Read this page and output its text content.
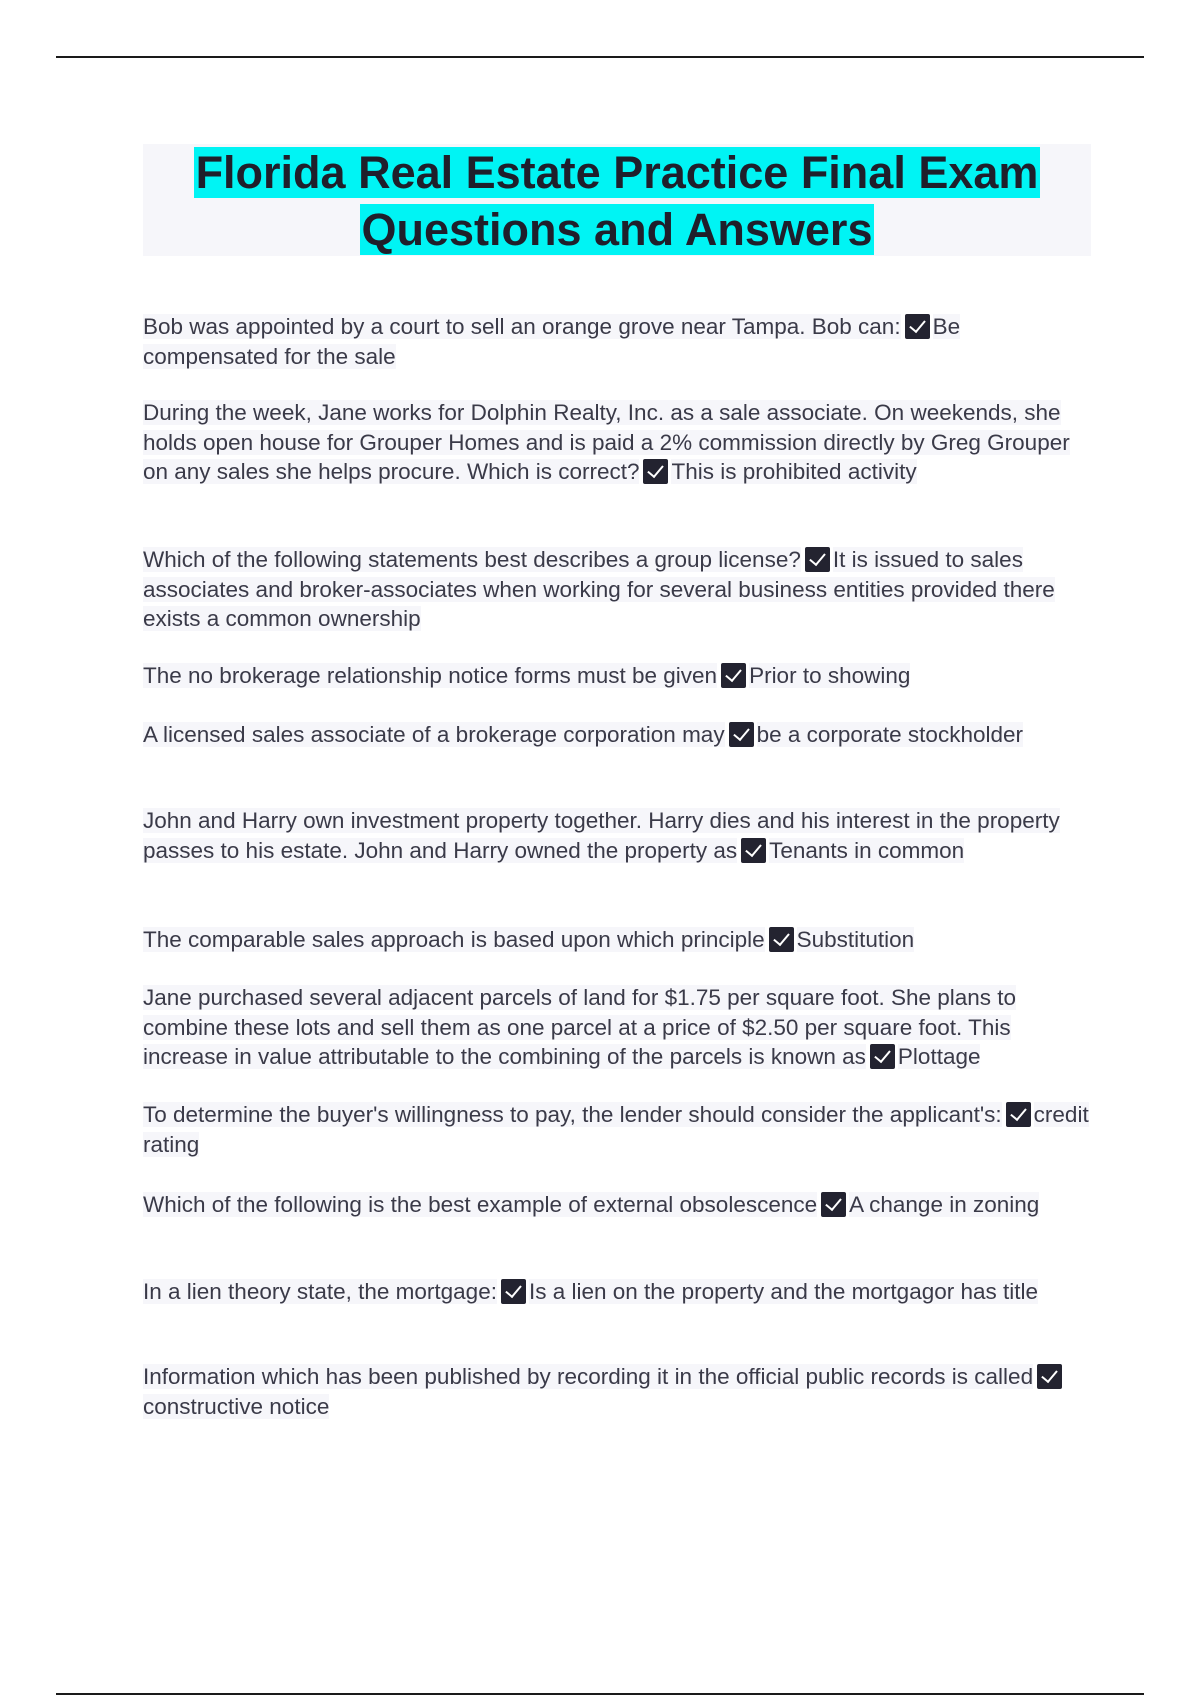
Florida Real Estate Practice Final Exam Questions and Answers
Bob was appointed by a court to sell an orange grove near Tampa. Bob can: Be compensated for the sale
During the week, Jane works for Dolphin Realty, Inc. as a sale associate. On weekends, she holds open house for Grouper Homes and is paid a 2% commission directly by Greg Grouper on any sales she helps procure. Which is correct? This is prohibited activity
Which of the following statements best describes a group license? It is issued to sales associates and broker-associates when working for several business entities provided there exists a common ownership
The no brokerage relationship notice forms must be given Prior to showing
A licensed sales associate of a brokerage corporation may be a corporate stockholder
John and Harry own investment property together. Harry dies and his interest in the property passes to his estate. John and Harry owned the property as Tenants in common
The comparable sales approach is based upon which principle Substitution
Jane purchased several adjacent parcels of land for $1.75 per square foot. She plans to combine these lots and sell them as one parcel at a price of $2.50 per square foot. This increase in value attributable to the combining of the parcels is known as Plottage
To determine the buyer's willingness to pay, the lender should consider the applicant's: credit rating
Which of the following is the best example of external obsolescence A change in zoning
In a lien theory state, the mortgage: Is a lien on the property and the mortgagor has title
Information which has been published by recording it in the official public records is calledconstructive notice
